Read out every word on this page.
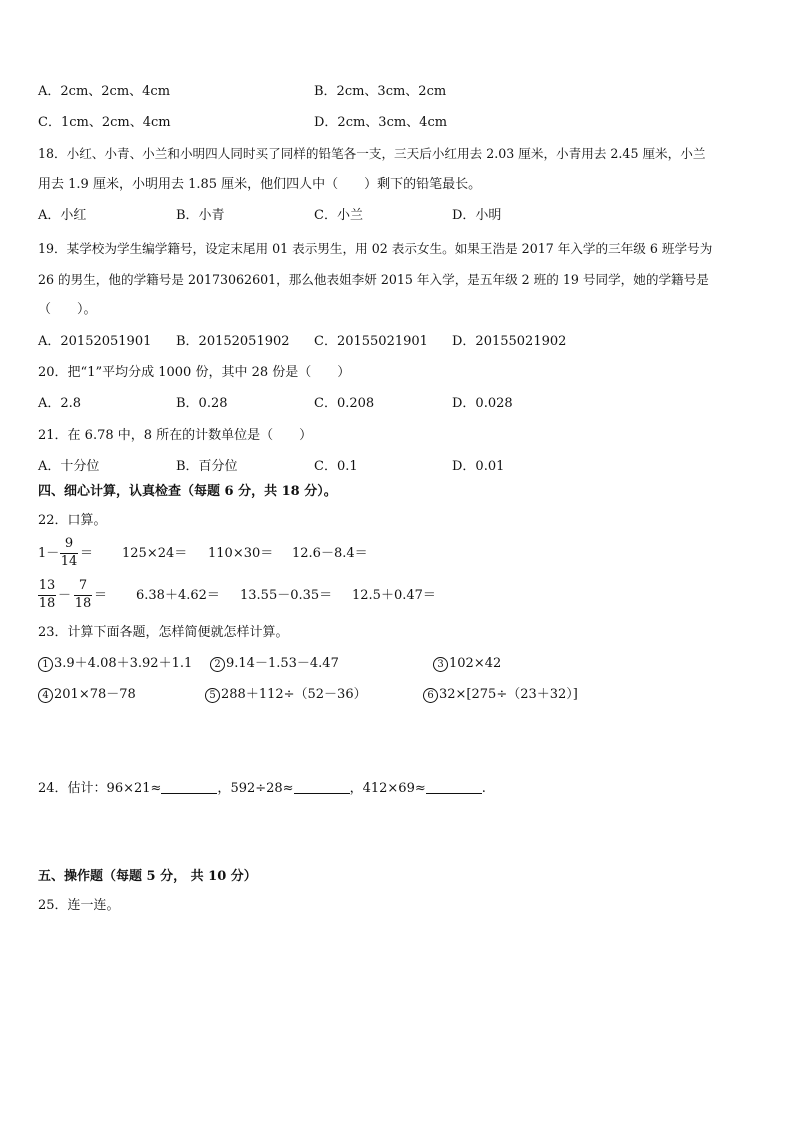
A．2cm、2cm、4cm	B．2cm、3cm、2cm
C．1cm、2cm、4cm	D．2cm、3cm、4cm
18．小红、小青、小兰和小明四人同时买了同样的铅笔各一支，三天后小红用去 2.03 厘米，小青用去 2.45 厘米，小兰
用去 1.9 厘米，小明用去 1.85 厘米，他们四人中（　　）剩下的铅笔最长。
A．小红	B．小青	C．小兰	D．小明
19．某学校为学生编学籍号，设定末尾用 01 表示男生，用 02 表示女生。如果王浩是 2017 年入学的三年级 6 班学号为
26 的男生，他的学籍号是 20173062601，那么他表姐李妍 2015 年入学，是五年级 2 班的 19 号同学，她的学籍号是
（　　）。
A．20152051901 B．20152051902 C．20155021901 D．20155021902
20．把“1”平均分成 1000 份，其中 28 份是（　　）
A．2.8	B．0.28	C．0.208	D．0.028
21．在 6.78 中，8 所在的计数单位是（　　）
A．十分位	B．百分位	C．0.1	D．0.01
四、细心计算，认真检查（每题 6 分，共 18 分）。
22．口算。
1－
9
14
＝ 125×24＝ 110×30＝ 12.6－8.4＝
13
18
－
7
18
＝ 6.38＋4.62＝ 13.55－0.35＝ 12.5＋0.47＝
23．计算下面各题，怎样简便就怎样计算。
1 3.9＋4.08＋3.92＋1.1	2 9.14－1.53－4.47	3 102×42
4 201×78－78	5 288＋112÷（52－36）	6 32×[275÷（23＋32）]
24．估计：96×21≈	，592÷28≈	，412×69≈	.
五、操作题（每题 5 分， 共 10 分）
25．连一连。
